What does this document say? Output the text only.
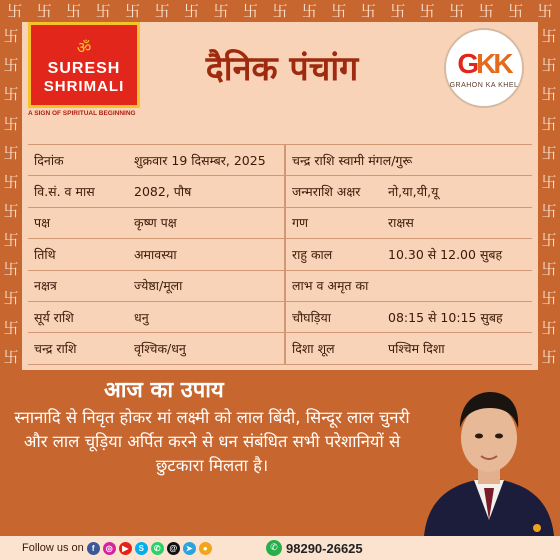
卐 卐 卐 卐 卐 卐 卐 卐 卐 卐 卐 卐 卐 卐 卐 卐 卐 卐 卐
卐
卐
卐
卐
卐
卐
卐
卐
卐
卐
卐
卐
卐
卐
卐
卐
卐
卐
卐
卐
卐
卐
卐
卐
ॐ
SURESH
SHRIMALI
A SIGN OF SPIRITUAL BEGINNING
दैनिक पंचांग	GKK
GRAHON KA KHEL
दिनांक	शुक्रवार 19 दिसम्बर, 2025	चन्द्र राशि स्वामी मंगल/गुरू
वि.सं. व मास	2082, पौष	जन्मराशि अक्षर	नो,या,यी,यू
पक्ष	कृष्ण पक्ष	गण	राक्षस
तिथि	अमावस्या	राहु काल	10.30 से 12.00 सुबह
नक्षत्र	ज्येष्ठा/मूला	लाभ व अमृत का
सूर्य राशि	धनु	चौघड़िया	08:15 से 10:15 सुबह
चन्द्र राशि	वृश्चिक/धनु	दिशा शूल	पश्चिम दिशा
आज का उपाय
स्नानादि से निवृत होकर मां लक्ष्मी को लाल बिंदी, सिन्दूर लाल चुनरी और लाल चूड़िया अर्पित करने से धन संबंधित सभी परेशानियों से छुटकारा मिलता है।
Follow us on	f	◎	▶	S	✆	@	➤	●	✆ 98290-26625
